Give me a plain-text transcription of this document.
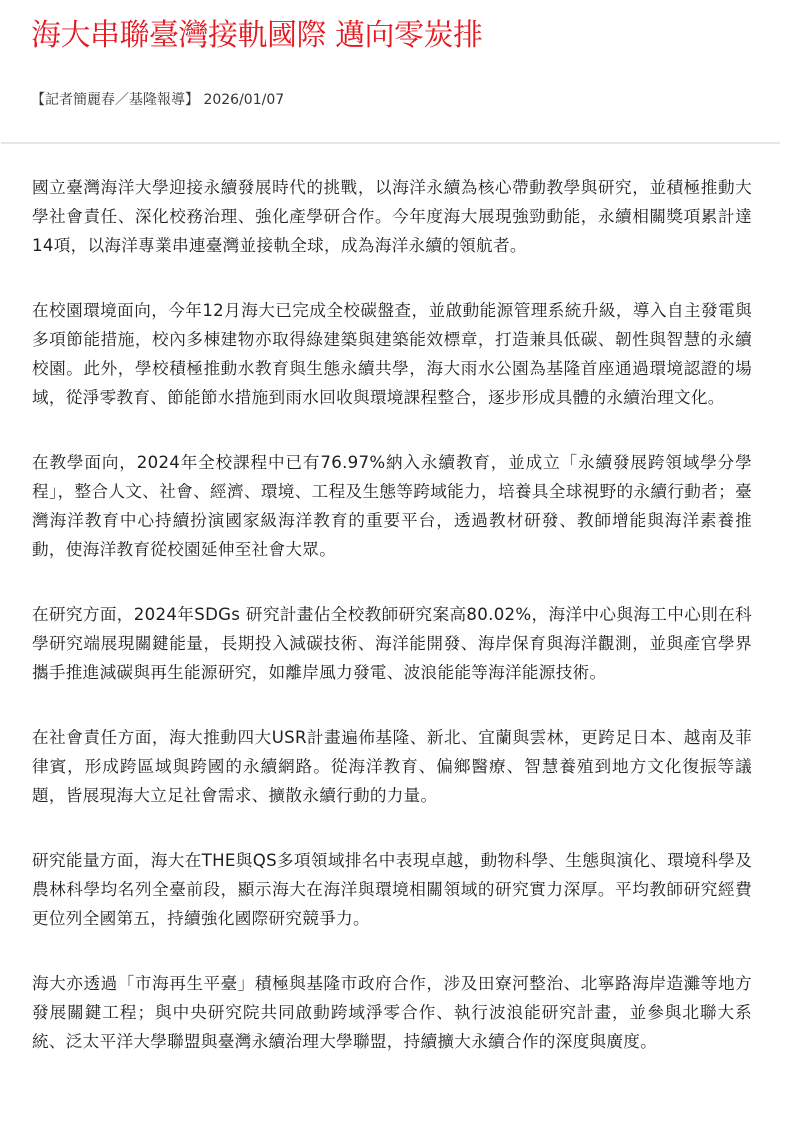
海大串聯臺灣接軌國際 邁向零炭排
【記者簡麗春／基隆報導】 2026/01/07

國立臺灣海洋大學迎接永續發展時代的挑戰，以海洋永續為核心帶動教學與研究，並積極推動大學社會責任、深化校務治理、強化產學研合作。今年度海大展現強勁動能，永續相關獎項累計達14項，以海洋專業串連臺灣並接軌全球，成為海洋永續的領航者。

在校園環境面向，今年12月海大已完成全校碳盤查，並啟動能源管理系統升級，導入自主發電與多項節能措施，校內多棟建物亦取得綠建築與建築能效標章，打造兼具低碳、韌性與智慧的永續校園。此外，學校積極推動水教育與生態永續共學，海大雨水公園為基隆首座通過環境認證的場域，從淨零教育、節能節水措施到雨水回收與環境課程整合，逐步形成具體的永續治理文化。

在教學面向，2024年全校課程中已有76.97%納入永續教育，並成立「永續發展跨領域學分學程」，整合人文、社會、經濟、環境、工程及生態等跨域能力，培養具全球視野的永續行動者；臺灣海洋教育中心持續扮演國家級海洋教育的重要平台，透過教材研發、教師增能與海洋素養推動，使海洋教育從校園延伸至社會大眾。

在研究方面，2024年SDGs 研究計畫佔全校教師研究案高80.02%，海洋中心與海工中心則在科學研究端展現關鍵能量，長期投入減碳技術、海洋能開發、海岸保育與海洋觀測，並與產官學界攜手推進減碳與再生能源研究，如離岸風力發電、波浪能能等海洋能源技術。

在社會責任方面，海大推動四大USR計畫遍佈基隆、新北、宜蘭與雲林，更跨足日本、越南及菲律賓，形成跨區域與跨國的永續網路。從海洋教育、偏鄉醫療、智慧養殖到地方文化復振等議題，皆展現海大立足社會需求、擴散永續行動的力量。

研究能量方面，海大在THE與QS多項領域排名中表現卓越，動物科學、生態與演化、環境科學及農林科學均名列全臺前段，顯示海大在海洋與環境相關領域的研究實力深厚。平均教師研究經費更位列全國第五，持續強化國際研究競爭力。

海大亦透過「市海再生平臺」積極與基隆市政府合作，涉及田寮河整治、北寧路海岸造灘等地方發展關鍵工程；與中央研究院共同啟動跨域淨零合作、執行波浪能研究計畫，並參與北聯大系統、泛太平洋大學聯盟與臺灣永續治理大學聯盟，持續擴大永續合作的深度與廣度。
